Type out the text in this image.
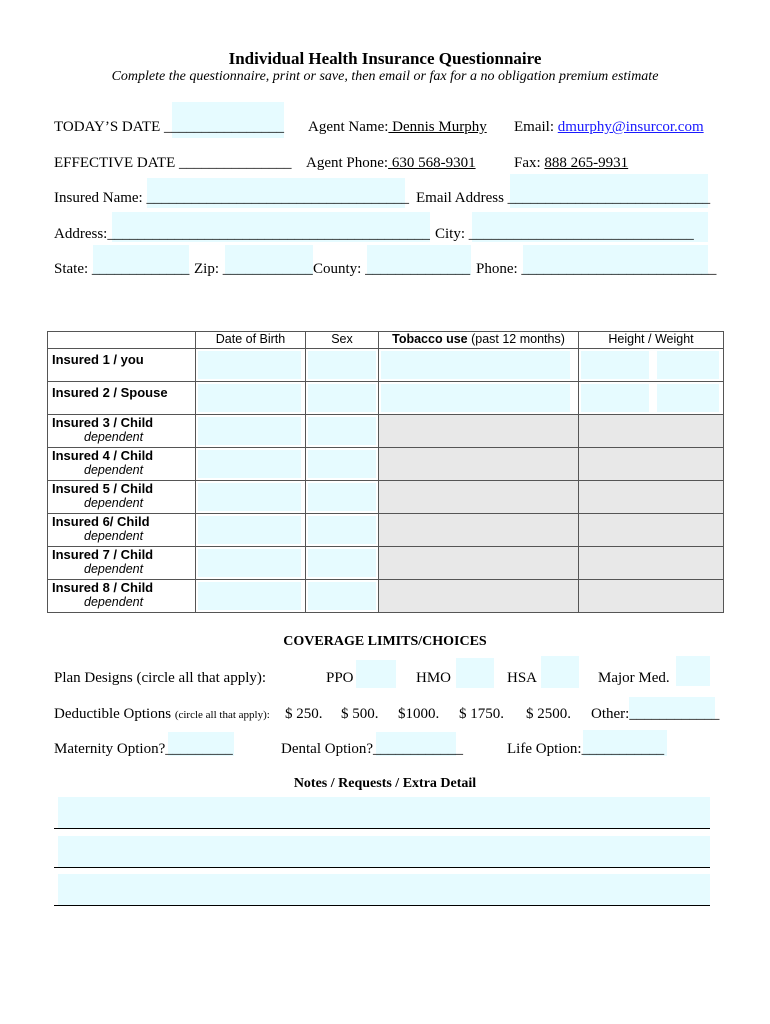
Individual Health Insurance Questionnaire
Complete the questionnaire, print or save, then email or fax for a no obligation premium estimate
TODAY’S DATE ________________ Agent Name: Dennis Murphy Email: dmurphy@insurcor.com
EFFECTIVE DATE _______________ Agent Phone: 630 568-9301	Fax: 888 265-9931
Insured Name: ___________________________________ Email Address ___________________________
Address:___________________________________________ City: ______________________________
State: _____________ Zip: ____________ County: ______________ Phone: __________________________
	Date of Birth	Sex	Tobacco use (past 12 months)	Height / Weight
Insured 1 / you	

Insured 2 / Spouse	

Insured 3 / Child
dependent				

Insured 4 / Child
dependent				

Insured 5 / Child
dependent				

Insured 6/ Child
dependent				

Insured 7 / Child
dependent				

Insured 8 / Child
dependent				

COVERAGE LIMITS/CHOICES
Plan Designs (circle all that apply):	PPO	HMO	HSA	Major Med.
Deductible Options (circle all that apply): $ 250. $ 500. $1000. $ 1750. $ 2500. Other:____________
Maternity Option?_________	Dental Option?____________	Life Option:___________
Notes / Requests / Extra Detail
